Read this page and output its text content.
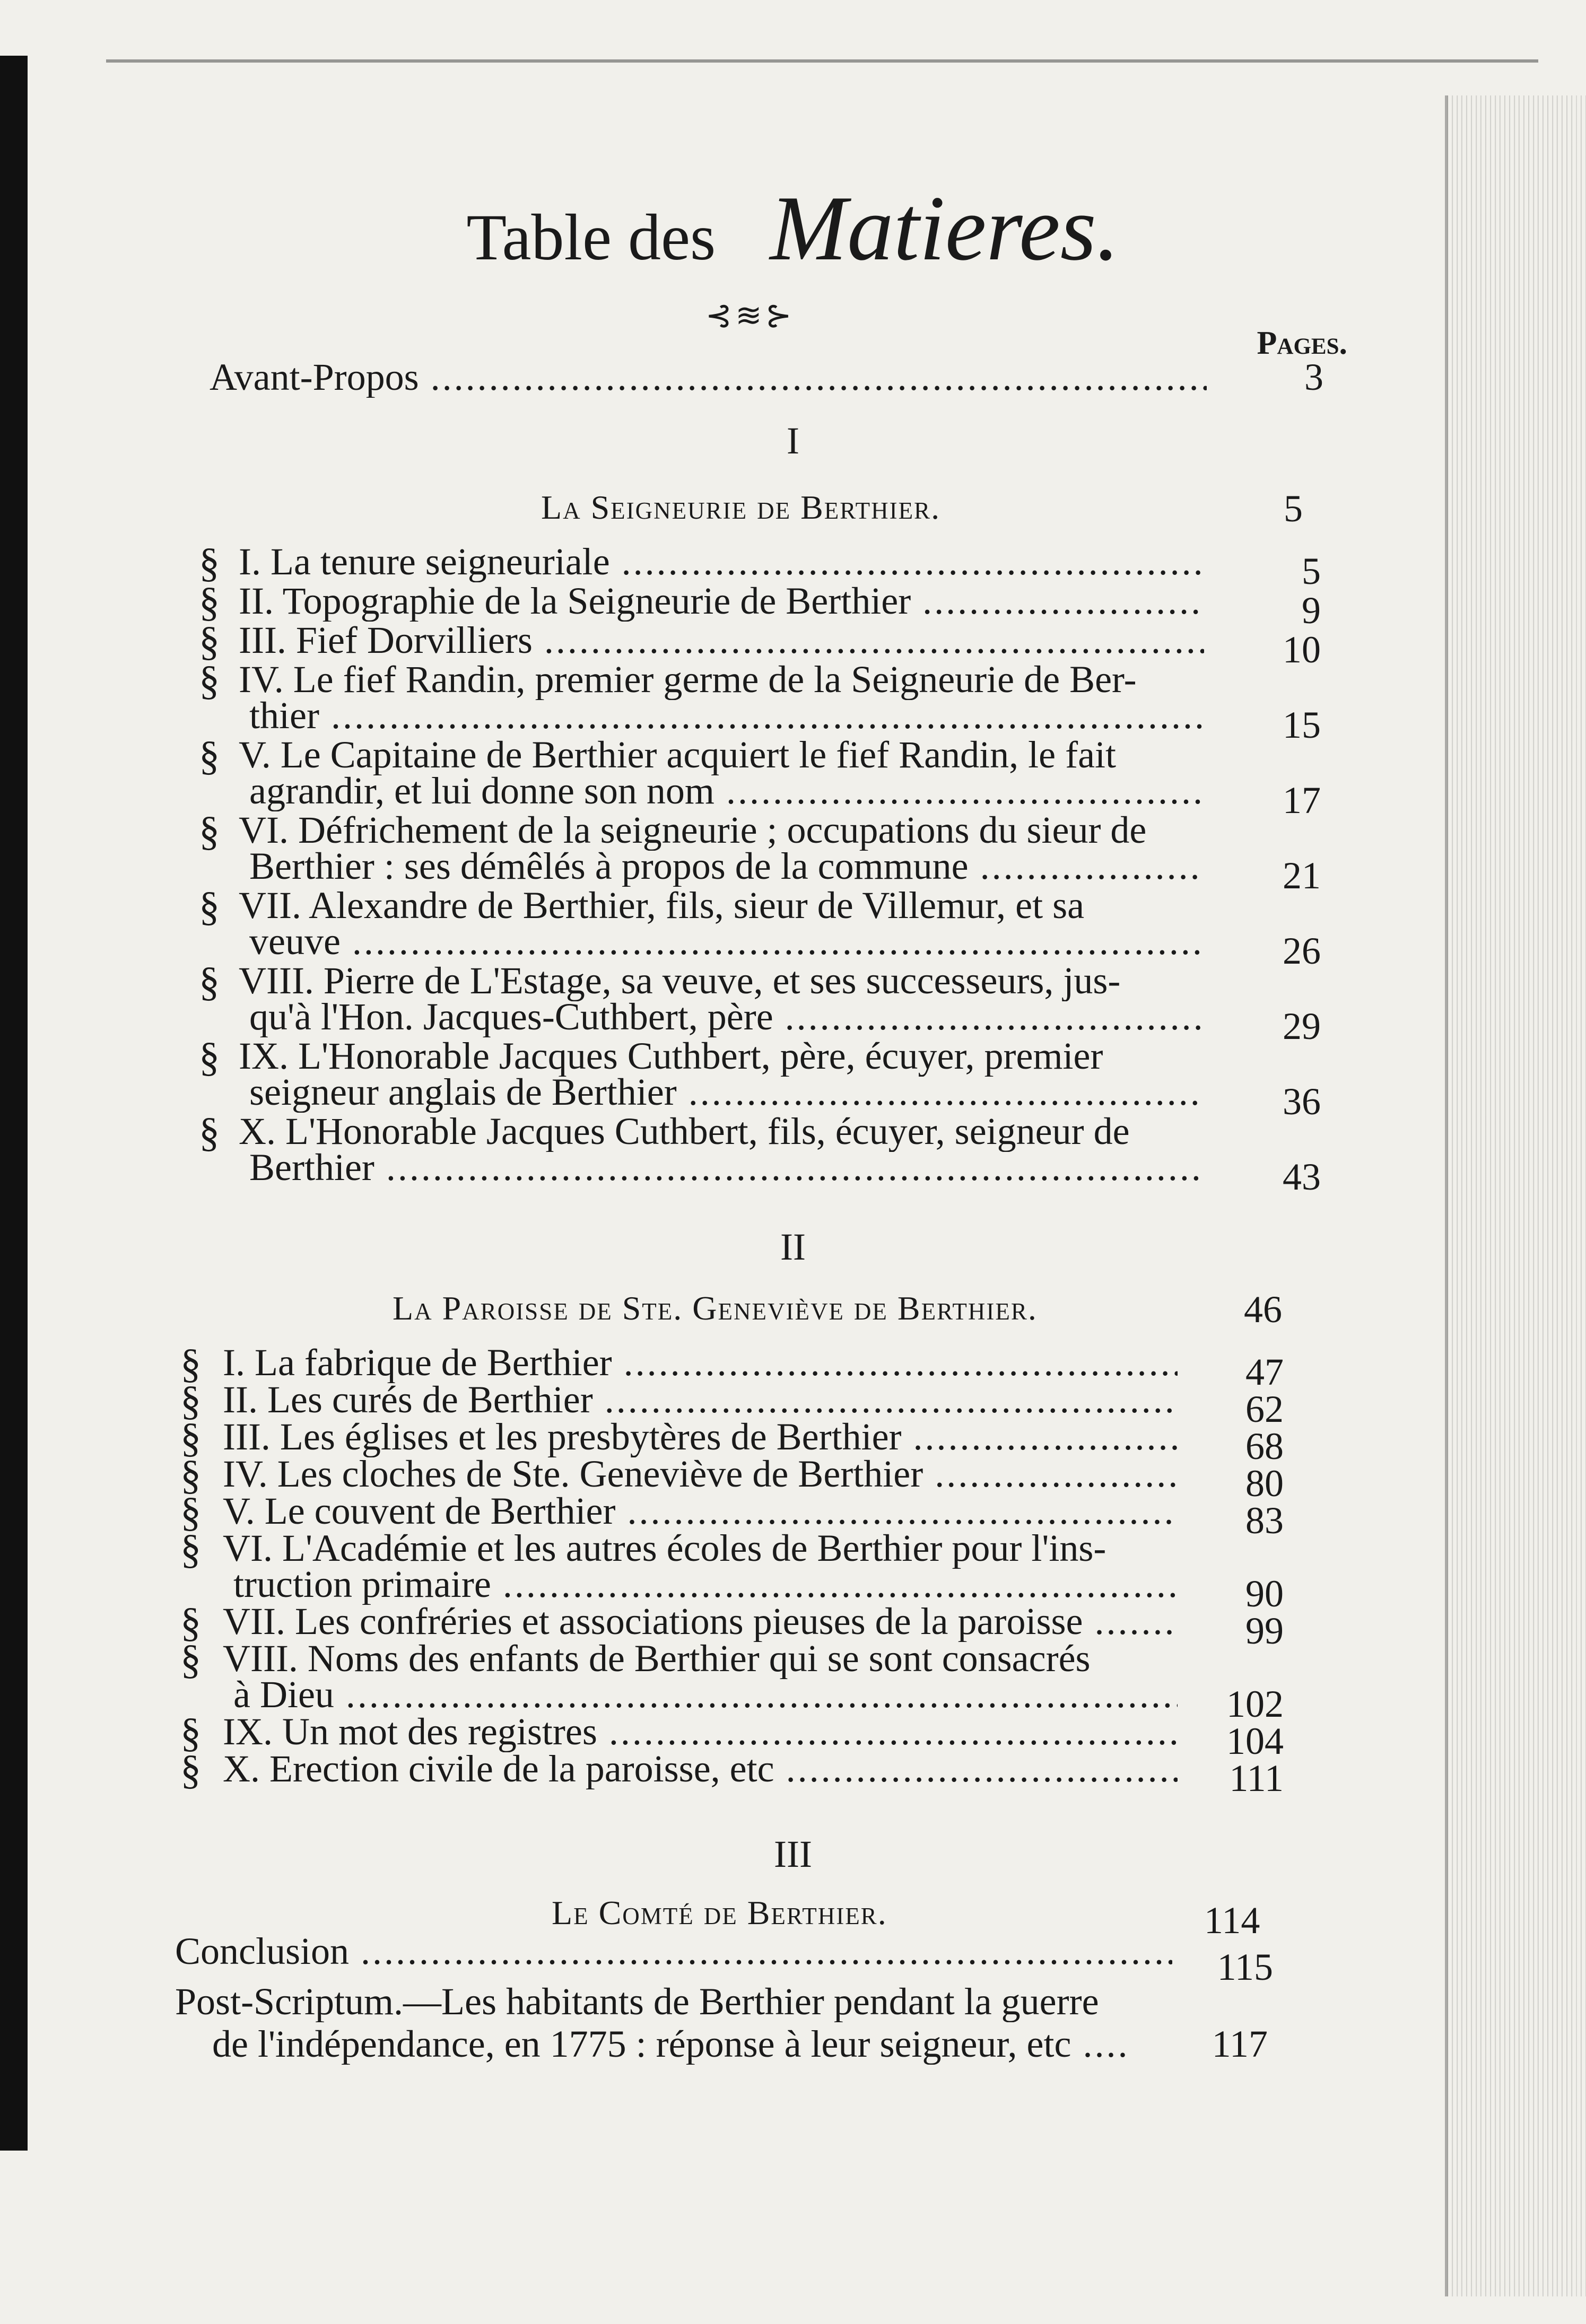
Table des Matieres.
⊰≋⊱
Pages.
Avant-Propos .....	3
I
La Seigneurie de Berthier.	5
II
La Paroisse de Ste. Geneviève de Berthier.	46
III
Le Comté de Berthier.	114
Conclusion .....	115
Post-Scriptum.—Les habitants de Berthier pendant la guerre
de l'indépendance, en 1775 : réponse à leur seigneur, etc .....	117
§ I. La tenure seigneuriale .....	5
§ II. Topographie de la Seigneurie de Berthier .....	9
§ III. Fief Dorvilliers .....	10
§ IV. Le fief Randin, premier germe de la Seigneurie de Ber-
thier .....	15
§ V. Le Capitaine de Berthier acquiert le fief Randin, le fait
agrandir, et lui donne son nom .....	17
§ VI. Défrichement de la seigneurie ; occupations du sieur de
Berthier : ses démêlés à propos de la commune .....	21
§ VII. Alexandre de Berthier, fils, sieur de Villemur, et sa
veuve .....	26
§ VIII. Pierre de L'Estage, sa veuve, et ses successeurs, jus-
qu'à l'Hon. Jacques-Cuthbert, père .....	29
§ IX. L'Honorable Jacques Cuthbert, père, écuyer, premier
seigneur anglais de Berthier .....	36
§ X. L'Honorable Jacques Cuthbert, fils, écuyer, seigneur de
Berthier .....	43
§ I. La fabrique de Berthier .....	47
§ II. Les curés de Berthier .....	62
§ III. Les églises et les presbytères de Berthier .....	68
§ IV. Les cloches de Ste. Geneviève de Berthier .....	80
§ V. Le couvent de Berthier .....	83
§ VI. L'Académie et les autres écoles de Berthier pour l'ins-
truction primaire .....	90
§ VII. Les confréries et associations pieuses de la paroisse .....	99
§ VIII. Noms des enfants de Berthier qui se sont consacrés
à Dieu .....	102
§ IX. Un mot des registres .....	104
§ X. Erection civile de la paroisse, etc .....	111
